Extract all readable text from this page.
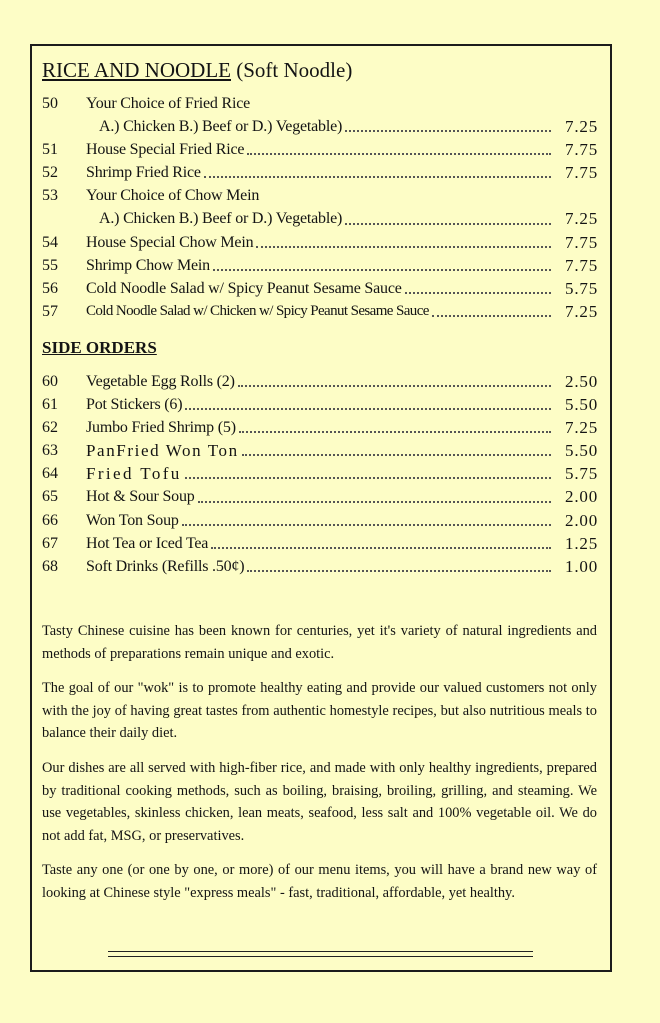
RICE AND NOODLE (Soft Noodle)
50	Your Choice of Fried Rice
A.) Chicken B.) Beef or D.) Vegetable)	7.25
51	House Special Fried Rice	7.75
52	Shrimp Fried Rice	7.75
53	Your Choice of Chow Mein
A.) Chicken B.) Beef or D.) Vegetable)	7.25
54	House Special Chow Mein	7.75
55	Shrimp Chow Mein	7.75
56	Cold Noodle Salad w/ Spicy Peanut Sesame Sauce	5.75
57	Cold Noodle Salad w/ Chicken w/ Spicy Peanut Sesame Sauce	7.25
SIDE ORDERS
60	Vegetable Egg Rolls (2)	2.50
61	Pot Stickers (6)	5.50
62	Jumbo Fried Shrimp (5)	7.25
63	PanFried Won Ton	5.50
64	Fried Tofu	5.75
65	Hot & Sour Soup	2.00
66	Won Ton Soup	2.00
67	Hot Tea or Iced Tea	1.25
68	Soft Drinks (Refills .50¢)	1.00

Tasty Chinese cuisine has been known for centuries, yet it's variety of natural ingredients and methods of preparations remain unique and exotic.

The goal of our "wok" is to promote healthy eating and provide our valued customers not only with the joy of having great tastes from authentic homestyle recipes, but also nutritious meals to balance their daily diet.

Our dishes are all served with high-fiber rice, and made with only healthy ingredients, prepared by traditional cooking methods, such as boiling, braising, broiling, grilling, and steaming. We use vegetables, skinless chicken, lean meats, seafood, less salt and 100% vegetable oil. We do not add fat, MSG, or preservatives.

Taste any one (or one by one, or more) of our menu items, you will have a brand new way of looking at Chinese style "express meals" - fast, traditional, affordable, yet healthy.
